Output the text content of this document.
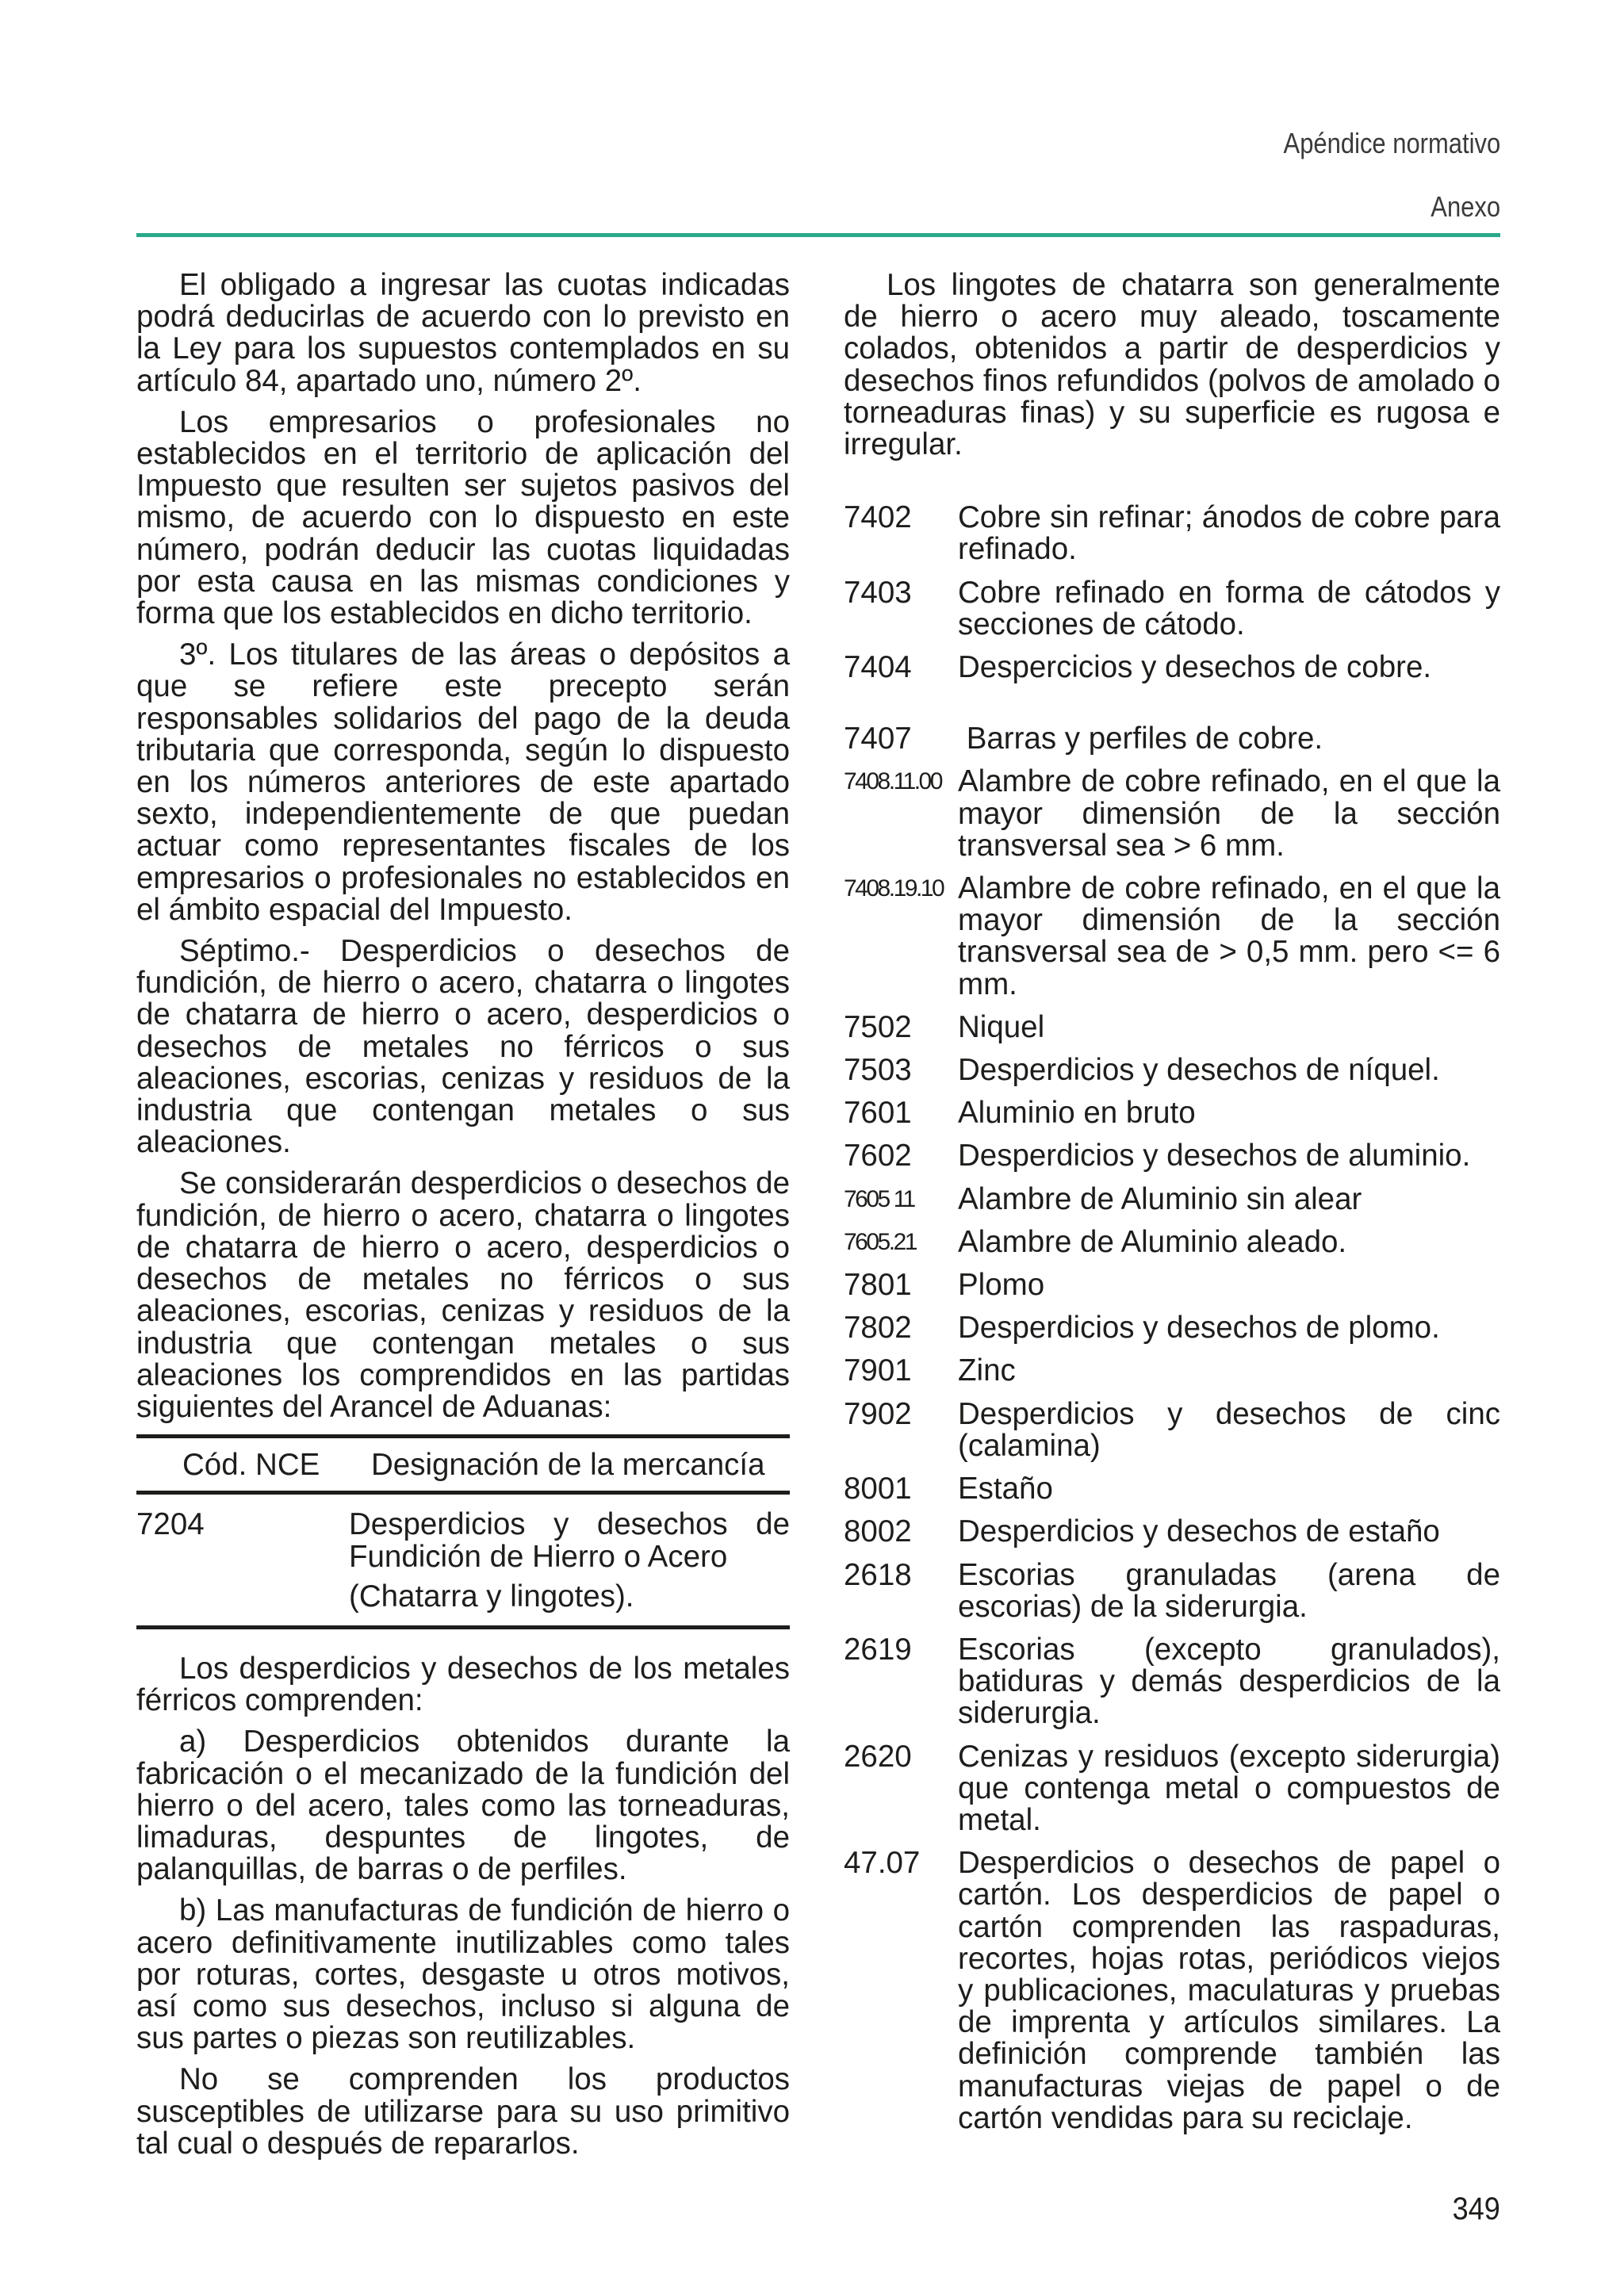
Apéndice normativo
Anexo

El obligado a ingresar las cuotas indicadas podrá deducirlas de acuerdo con lo previsto en la Ley para los supuestos contemplados en su artículo 84, apartado uno, número 2º.

Los empresarios o profesionales no establecidos en el territorio de aplicación del Impuesto que resulten ser sujetos pasivos del mismo, de acuerdo con lo dispuesto en este número, podrán deducir las cuotas liquidadas por esta causa en las mismas condiciones y forma que los establecidos en dicho territorio.

3º. Los titulares de las áreas o depósitos a que se refiere este precepto serán responsables solidarios del pago de la deuda tributaria que corresponda, según lo dispuesto en los números anteriores de este apartado sexto, independientemente de que puedan actuar como representantes fiscales de los empresarios o profesionales no establecidos en el ámbito espacial del Impuesto.

Séptimo.- Desperdicios o desechos de fundición, de hierro o acero, chatarra o lingotes de chatarra de hierro o acero, desperdicios o desechos de metales no férricos o sus aleaciones, escorias, cenizas y residuos de la industria que contengan metales o sus aleaciones.

Se considerarán desperdicios o desechos de fundición, de hierro o acero, chatarra o lingotes de chatarra de hierro o acero, desperdicios o desechos de metales no férricos o sus aleaciones, escorias, cenizas y residuos de la industria que contengan metales o sus aleaciones los comprendidos en las partidas siguientes del Arancel de Aduanas:

Cód. NCE	Designación de la mercancía
7204	Desperdicios y desechos de Fundición de Hierro o Acero
(Chatarra y lingotes).

Los desperdicios y desechos de los metales férricos comprenden:

a) Desperdicios obtenidos durante la fabricación o el mecanizado de la fundición del hierro o del acero, tales como las torneaduras, limaduras, despuntes de lingotes, de palanquillas, de barras o de perfiles.

b) Las manufacturas de fundición de hierro o acero definitivamente inutilizables como tales por roturas, cortes, desgaste u otros motivos, así como sus desechos, incluso si alguna de sus partes o piezas son reutilizables.

No se comprenden los productos susceptibles de utilizarse para su uso primitivo tal cual o después de repararlos.

Los lingotes de chatarra son generalmente de hierro o acero muy aleado, toscamente colados, obtenidos a partir de desperdicios y desechos finos refundidos (polvos de amolado o torneaduras finas) y su superficie es rugosa e irregular.

7402	Cobre sin refinar; ánodos de cobre para refinado.
7403	Cobre refinado en forma de cátodos y secciones de cátodo.
7404	Despercicios y desechos de cobre.
7407	Barras y perfiles de cobre.
7408.11.00 Alambre de cobre refinado, en el que la mayor dimensión de la sección transversal sea > 6 mm.
7408.19.10 Alambre de cobre refinado, en el que la mayor dimensión de la sección transversal sea de > 0,5 mm. pero <= 6 mm.
7502	Niquel
7503	Desperdicios y desechos de níquel.
7601	Aluminio en bruto
7602	Desperdicios y desechos de aluminio.
7605 11	Alambre de Aluminio sin alear
7605.21	Alambre de Aluminio aleado.
7801	Plomo
7802	Desperdicios y desechos de plomo.
7901	Zinc
7902	Desperdicios y desechos de cinc (calamina)
8001	Estaño
8002	Desperdicios y desechos de estaño
2618	Escorias granuladas (arena de escorias) de la siderurgia.
2619	Escorias (excepto granulados), batiduras y demás desperdicios de la siderurgia.
2620	Cenizas y residuos (excepto siderurgia) que contenga metal o compuestos de metal.
47.07	Desperdicios o desechos de papel o cartón. Los desperdicios de papel o cartón comprenden las raspaduras, recortes, hojas rotas, periódicos viejos y publicaciones, maculaturas y pruebas de imprenta y artículos similares. La definición comprende también las manufacturas viejas de papel o de cartón vendidas para su reciclaje.
349
